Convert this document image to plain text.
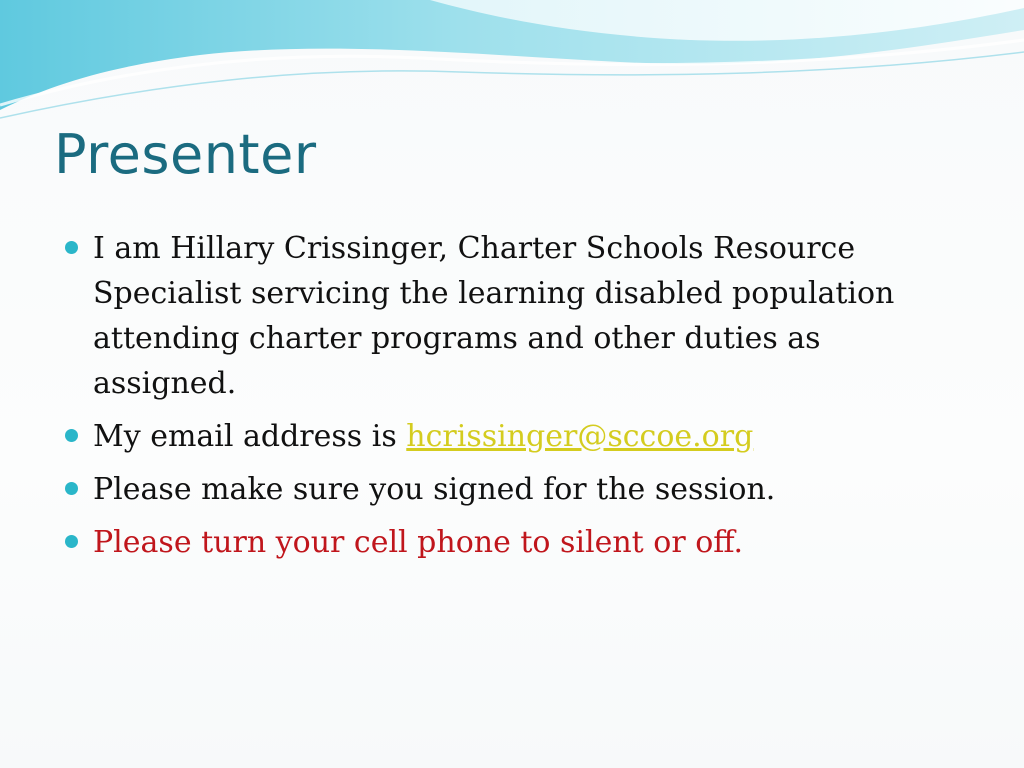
Presenter
I am Hillary Crissinger, Charter Schools Resource Specialist servicing the learning disabled population attending charter programs and other duties as assigned.
My email address is hcrissinger@sccoe.org
Please make sure you signed for the session.
Please turn your cell phone to silent or off.
